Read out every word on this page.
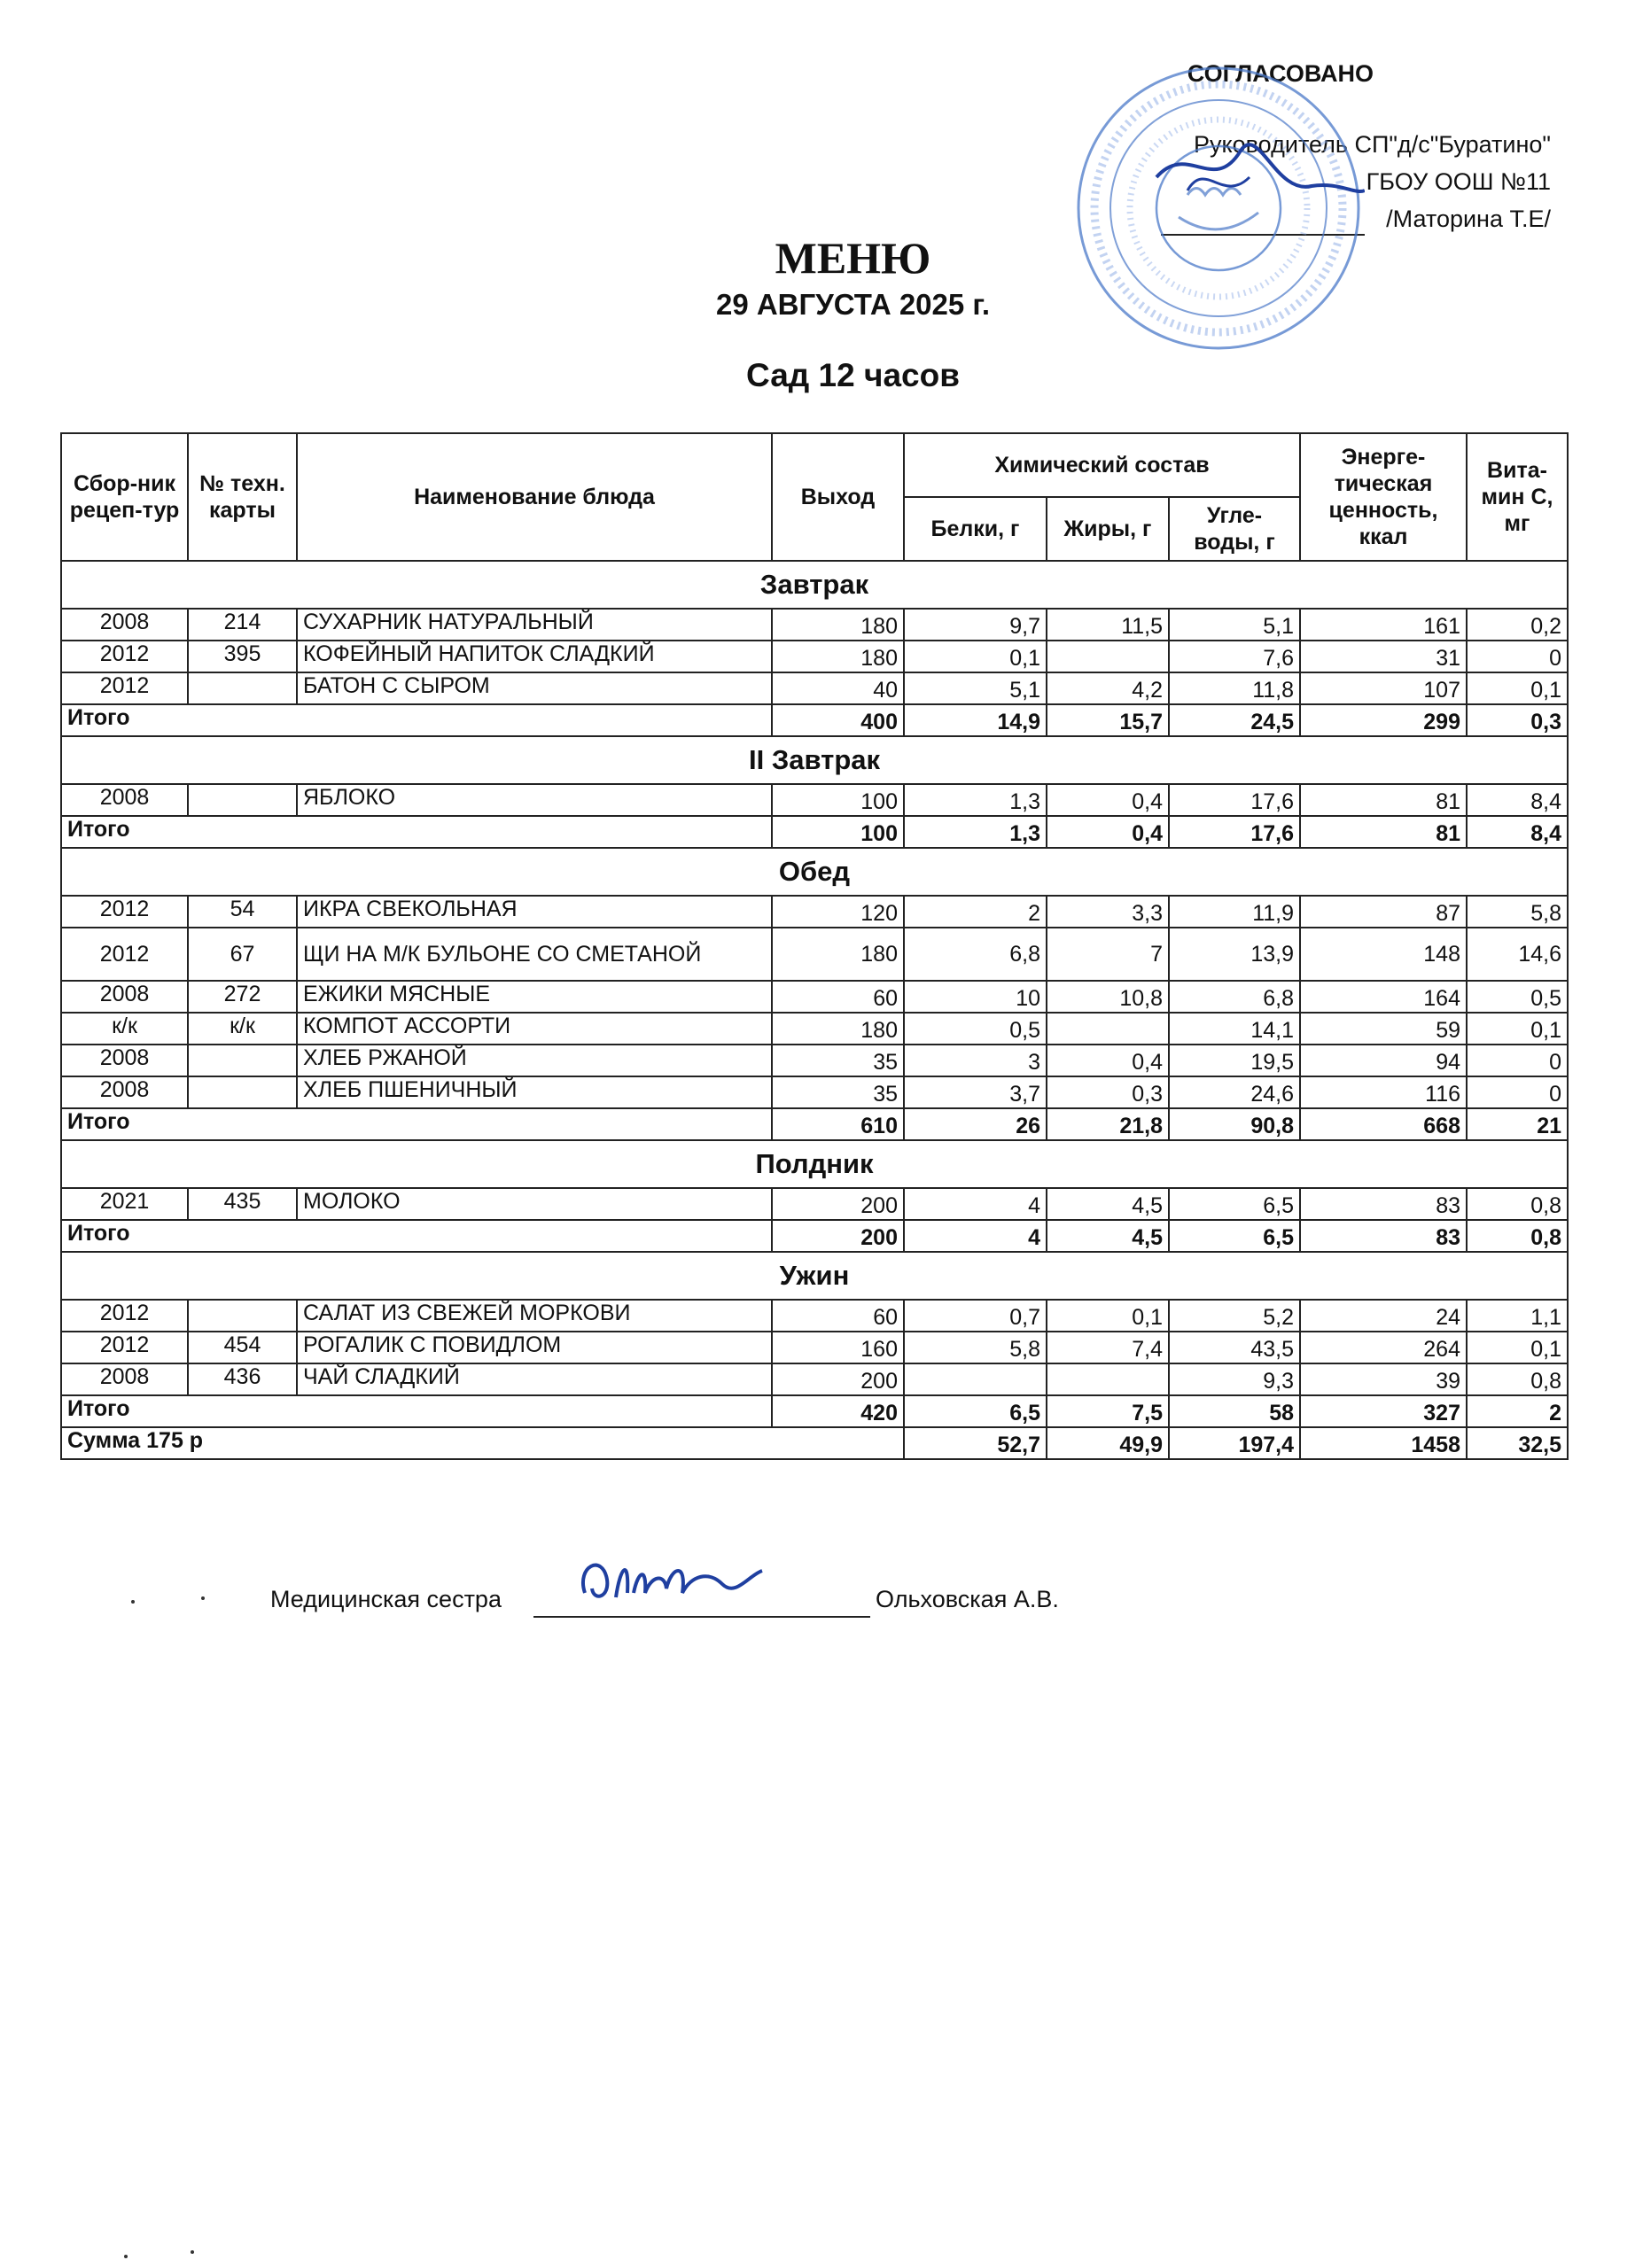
СОГЛАСОВАНО
Руководитель СП"д/с"Буратино"
ГБОУ ООШ №11
/Маторина Т.Е/
МЕНЮ
29 АВГУСТА 2025 г.
Сад 12 часов
Сбор-ник рецеп-тур	№ техн. карты	Наименование блюда	Выход	Химический состав			Энерге-тическая ценность, ккал	Вита-мин С, мг
				Белки, г	Жиры, г	Угле-воды, г		
Завтрак								
2008	214	СУХАРНИК НАТУРАЛЬНЫЙ	180	9,7	11,5	5,1	161	0,2
2012	395	КОФЕЙНЫЙ НАПИТОК СЛАДКИЙ	180	0,1		7,6	31	0
2012		БАТОН С СЫРОМ	40	5,1	4,2	11,8	107	0,1
Итого			400	14,9	15,7	24,5	299	0,3
II Завтрак								
2008		ЯБЛОКО	100	1,3	0,4	17,6	81	8,4
Итого			100	1,3	0,4	17,6	81	8,4
Обед								
2012	54	ИКРА СВЕКОЛЬНАЯ	120	2	3,3	11,9	87	5,8
2012	67	ЩИ НА М/К БУЛЬОНЕ СО СМЕТАНОЙ	180	6,8	7	13,9	148	14,6
2008	272	ЕЖИКИ МЯСНЫЕ	60	10	10,8	6,8	164	0,5
к/к	к/к	КОМПОТ АССОРТИ	180	0,5		14,1	59	0,1
2008		ХЛЕБ РЖАНОЙ	35	3	0,4	19,5	94	0
2008		ХЛЕБ ПШЕНИЧНЫЙ	35	3,7	0,3	24,6	116	0
Итого			610	26	21,8	90,8	668	21
Полдник								
2021	435	МОЛОКО	200	4	4,5	6,5	83	0,8
Итого			200	4	4,5	6,5	83	0,8
Ужин								
2012		САЛАТ ИЗ СВЕЖЕЙ МОРКОВИ	60	0,7	0,1	5,2	24	1,1
2012	454	РОГАЛИК С ПОВИДЛОМ	160	5,8	7,4	43,5	264	0,1
2008	436	ЧАЙ СЛАДКИЙ	200			9,3	39	0,8
Итого			420	6,5	7,5	58	327	2
Сумма 175 р				52,7	49,9	197,4	1458	32,5
Медицинская сестра	Ольховская А.В.
